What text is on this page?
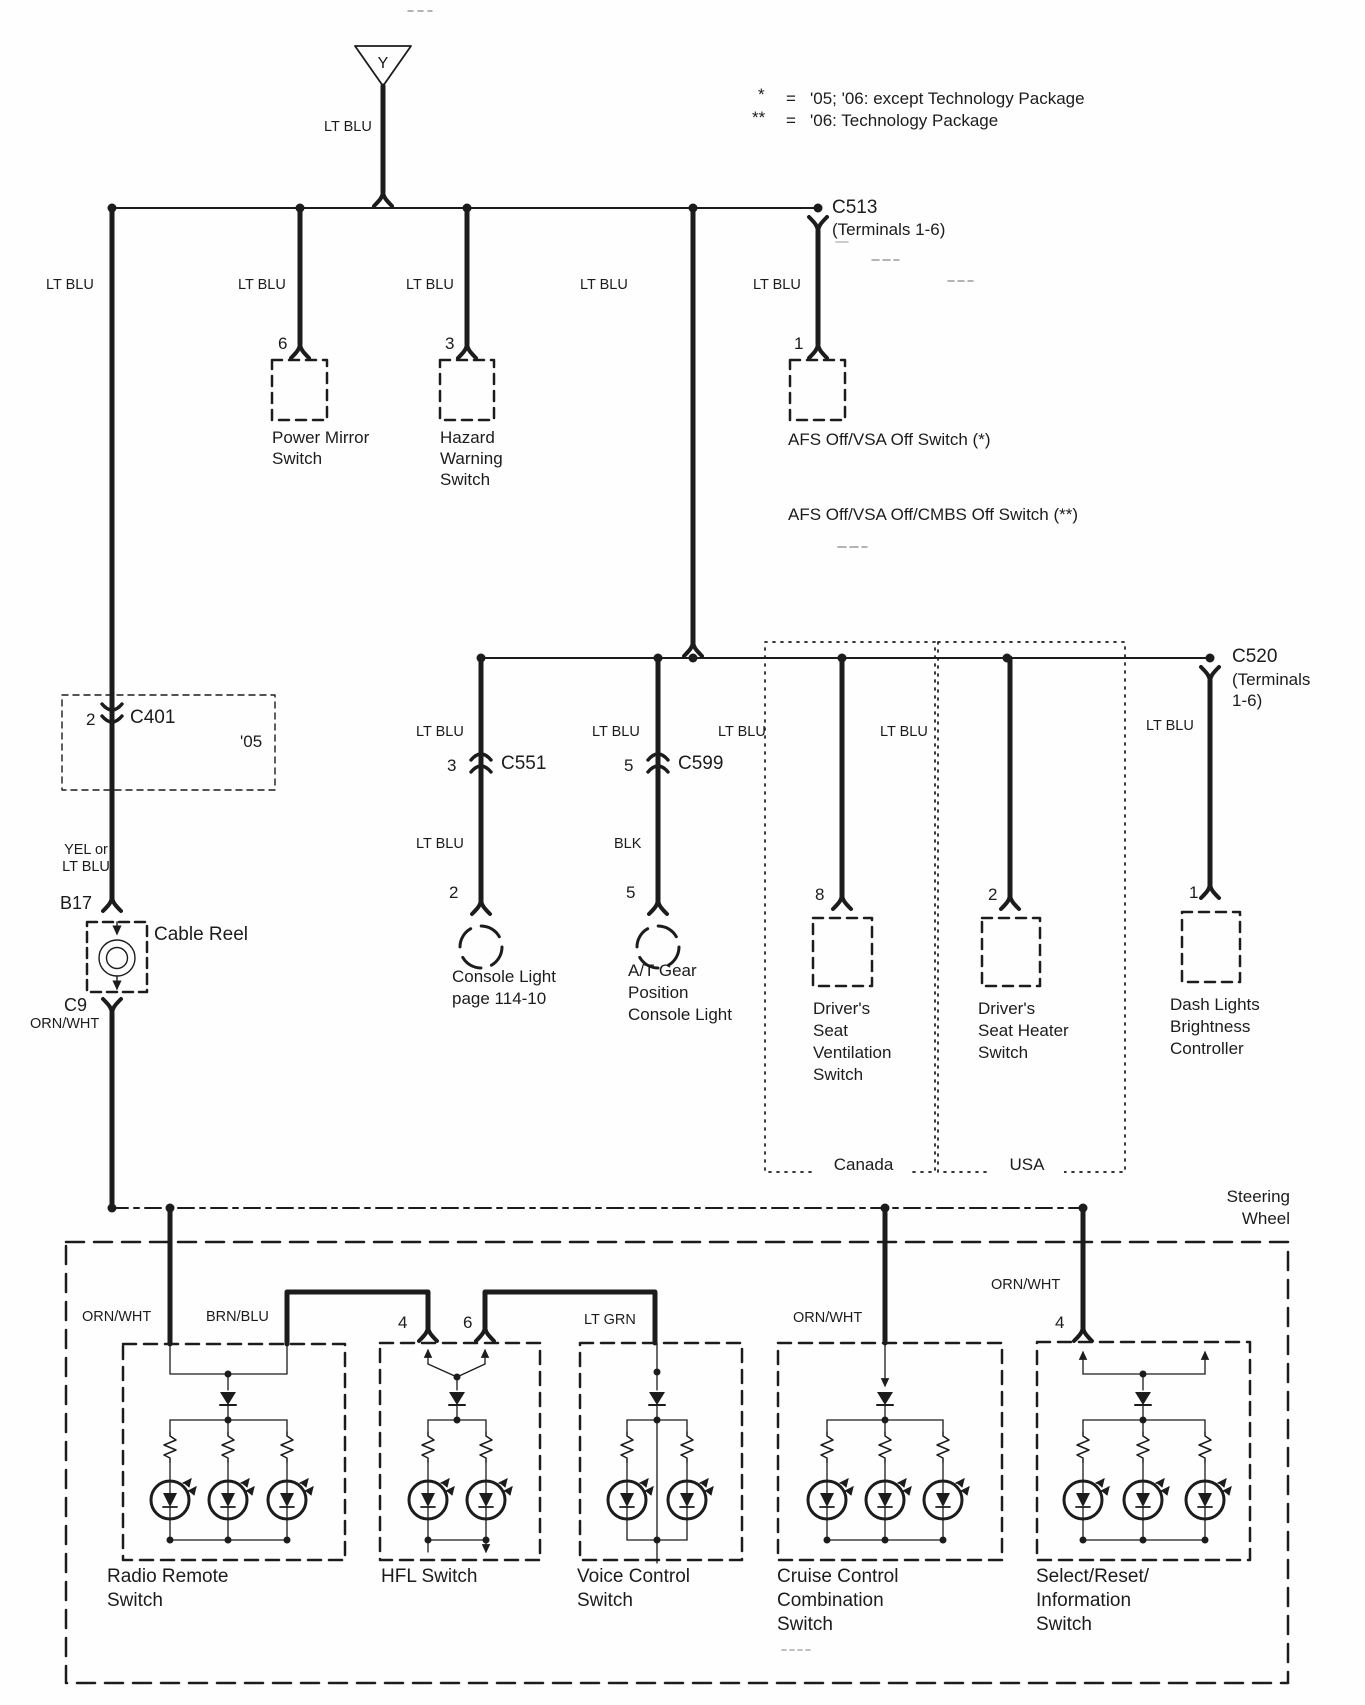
Y
LT BLU
* = '05; '06: except Technology Package
** = '06: Technology Package
C513
(Terminals 1-6)
LT BLU	LT BLU	LT BLU	LT BLU	LT BLU
6
Power Mirror
Switch
3
Hazard
Warning
Switch
1
AFS Off/VSA Off Switch (*)
AFS Off/VSA Off/CMBS Off Switch (**)
2 C401
'05
YEL or
LT BLU
B17
Cable Reel
C9
ORN/WHT
C520
(Terminals
1-6)
LT BLU	LT BLU	LT BLU	LT BLU	LT BLU
3 C551	5 C599
LT BLU	BLK
2
Console Light
page 114-10
5
A/T Gear
Position
Console Light
8
Driver's
Seat
Ventilation
Switch
2
Driver's
Seat Heater
Switch
1
Dash Lights
Brightness
Controller
Canada	USA
Steering
Wheel
ORN/WHT	BRN/BLU	4	6	LT GRN	ORN/WHT
ORN/WHT
4
Radio Remote
Switch
HFL Switch	Voice Control
Switch
Cruise Control
Combination
Switch
Select/Reset/
Information
Switch
